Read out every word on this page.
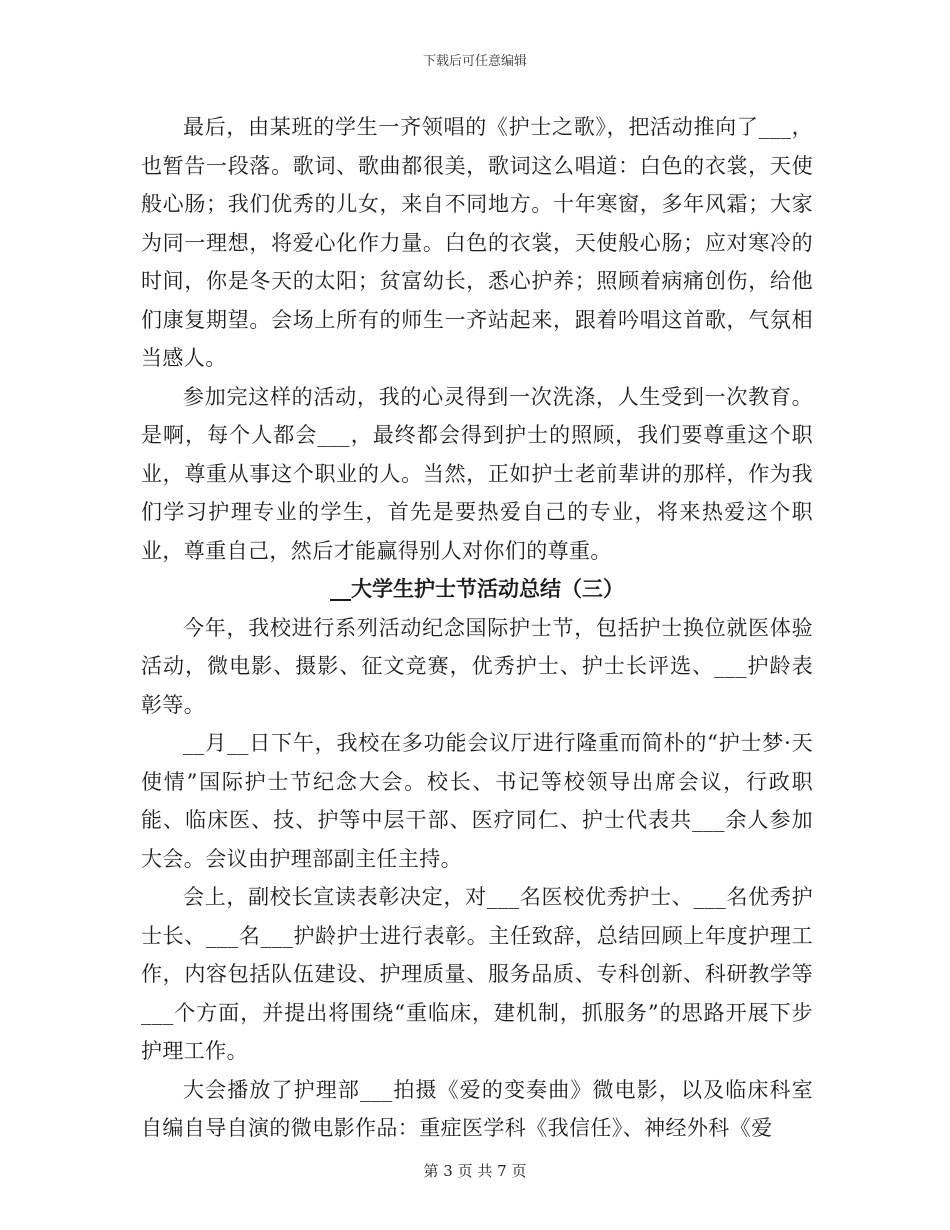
下载后可任意编辑

最后，由某班的学生一齐领唱的《护士之歌》，把活动推向了___，也暂告一段落。歌词、歌曲都很美，歌词这么唱道：白色的衣裳，天使般心肠；我们优秀的儿女，来自不同地方。十年寒窗，多年风霜；大家为同一理想，将爱心化作力量。白色的衣裳，天使般心肠；应对寒冷的时间，你是冬天的太阳；贫富幼长，悉心护养；照顾着病痛创伤，给他们康复期望。会场上所有的师生一齐站起来，跟着吟唱这首歌，气氛相当感人。

参加完这样的活动，我的心灵得到一次洗涤，人生受到一次教育。是啊，每个人都会___，最终都会得到护士的照顾，我们要尊重这个职业，尊重从事这个职业的人。当然，正如护士老前辈讲的那样，作为我们学习护理专业的学生，首先是要热爱自己的专业，将来热爱这个职业，尊重自己，然后才能赢得别人对你们的尊重。

__大学生护士节活动总结（三）

今年，我校进行系列活动纪念国际护士节，包括护士换位就医体验活动，微电影、摄影、征文竞赛，优秀护士、护士长评选、___护龄表彰等。

__月__日下午，我校在多功能会议厅进行隆重而简朴的“护士梦·天使情”国际护士节纪念大会。校长、书记等校领导出席会议，行政职能、临床医、技、护等中层干部、医疗同仁、护士代表共___余人参加大会。会议由护理部副主任主持。

会上，副校长宣读表彰决定，对___名医校优秀护士、___名优秀护士长、___名___护龄护士进行表彰。主任致辞，总结回顾上年度护理工作，内容包括队伍建设、护理质量、服务品质、专科创新、科研教学等___个方面，并提出将围绕“重临床，建机制，抓服务”的思路开展下步护理工作。

大会播放了护理部___拍摄《爱的变奏曲》微电影，以及临床科室自编自导自演的微电影作品：重症医学科《我信任》、神经外科《爱

第 3 页 共 7 页
